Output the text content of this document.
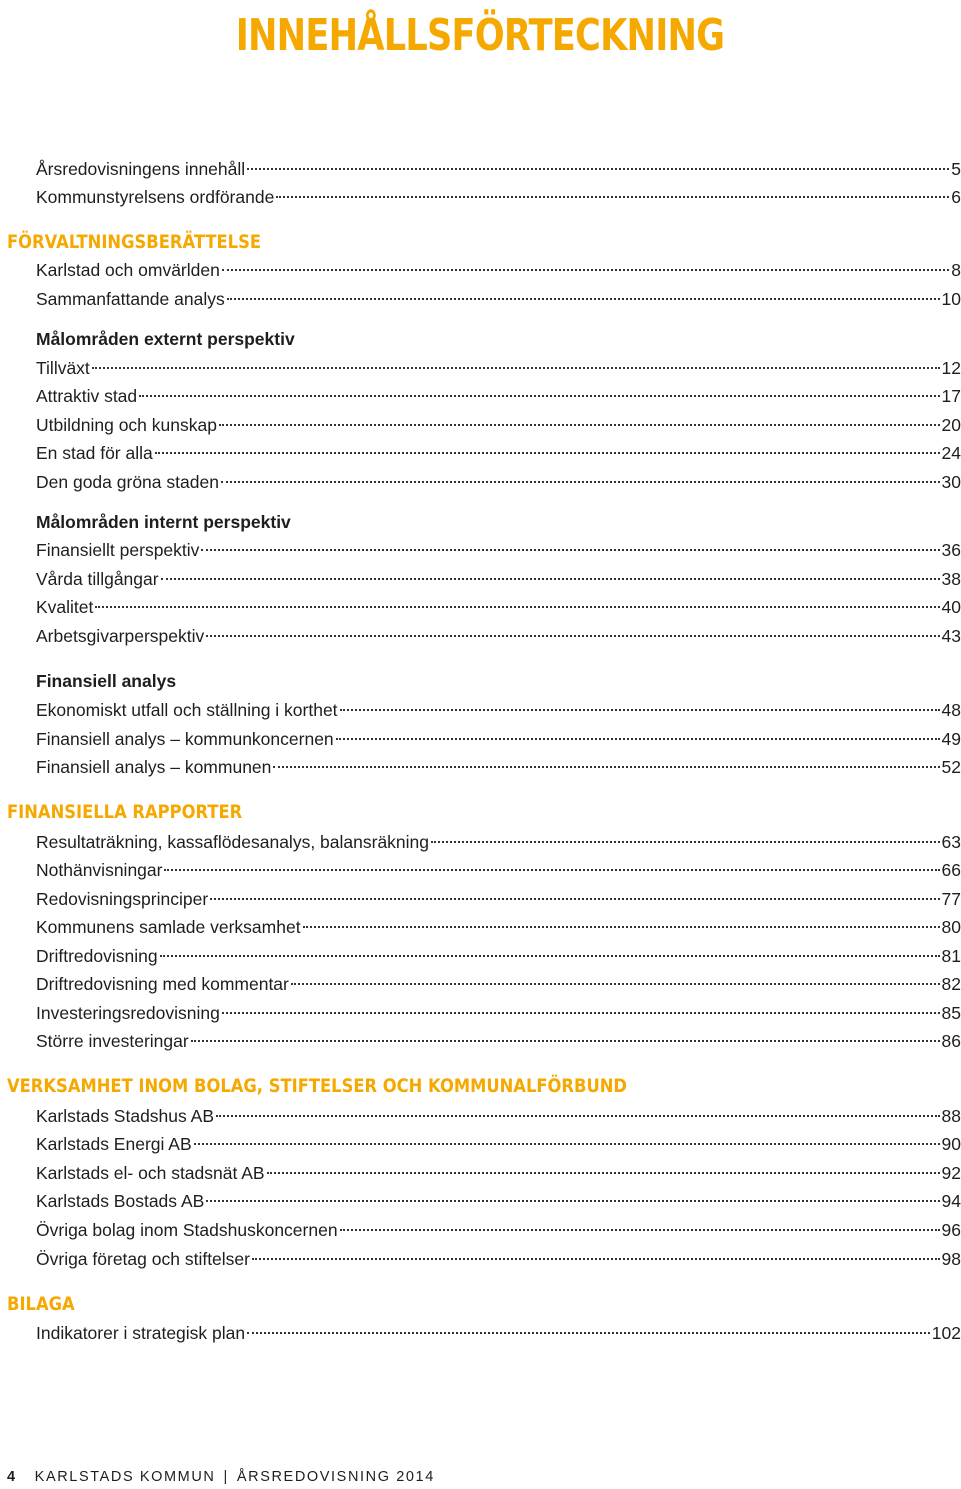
INNEHÅLLSFÖRTECKNING
Årsredovisningens innehåll	5
Kommunstyrelsens ordförande	6
FÖRVALTNINGSBERÄTTELSE
Karlstad och omvärlden	8
Sammanfattande analys	10
Målområden externt perspektiv
Tillväxt	12
Attraktiv stad	17
Utbildning och kunskap	20
En stad för alla	24
Den goda gröna staden	30
Målområden internt perspektiv
Finansiellt perspektiv	36
Vårda tillgångar	38
Kvalitet	40
Arbetsgivarperspektiv	43
Finansiell analys
Ekonomiskt utfall och ställning i korthet	48
Finansiell analys – kommunkoncernen	49
Finansiell analys – kommunen	52
FINANSIELLA RAPPORTER
Resultaträkning, kassaflödesanalys, balansräkning	63
Nothänvisningar	66
Redovisningsprinciper	77
Kommunens samlade verksamhet	80
Driftredovisning	81
Driftredovisning med kommentar	82
Investeringsredovisning	85
Större investeringar	86
VERKSAMHET INOM BOLAG, STIFTELSER OCH KOMMUNALFÖRBUND
Karlstads Stadshus AB	88
Karlstads Energi AB	90
Karlstads el- och stadsnät AB	92
Karlstads Bostads AB	94
Övriga bolag inom Stadshuskoncernen	96
Övriga företag och stiftelser	98
BILAGA
Indikatorer i strategisk plan	102
4 KARLSTADS KOMMUN | ÅRSREDOVISNING 2014
